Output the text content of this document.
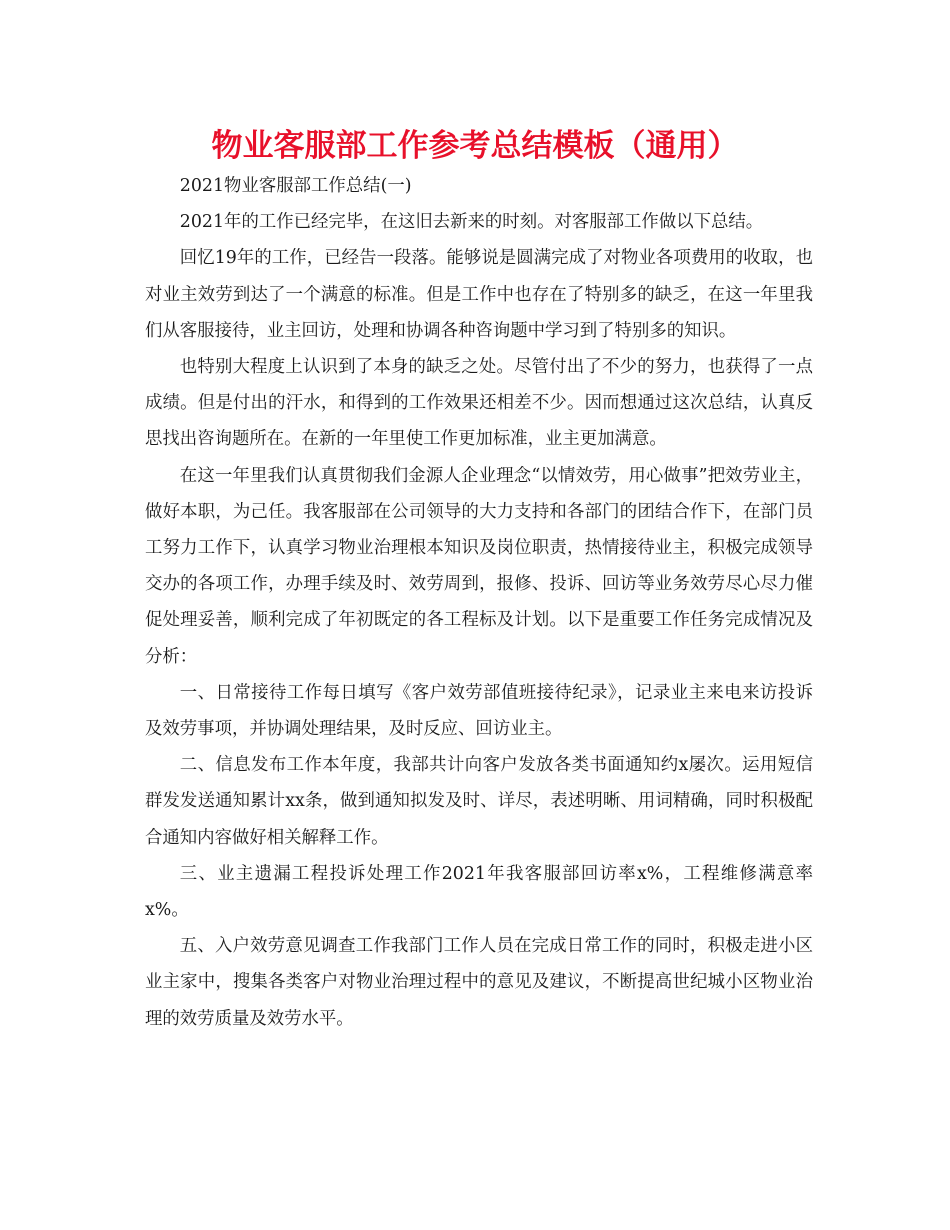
物业客服部工作参考总结模板（通用）

2021物业客服部工作总结(一)

2021年的工作已经完毕，在这旧去新来的时刻。对客服部工作做以下总结。

回忆19年的工作，已经告一段落。能够说是圆满完成了对物业各项费用的收取，也对业主效劳到达了一个满意的标准。但是工作中也存在了特别多的缺乏，在这一年里我们从客服接待，业主回访，处理和协调各种咨询题中学习到了特别多的知识。

也特别大程度上认识到了本身的缺乏之处。尽管付出了不少的努力，也获得了一点成绩。但是付出的汗水，和得到的工作效果还相差不少。因而想通过这次总结，认真反思找出咨询题所在。在新的一年里使工作更加标准，业主更加满意。

在这一年里我们认真贯彻我们金源人企业理念“以情效劳，用心做事”把效劳业主，做好本职，为己任。我客服部在公司领导的大力支持和各部门的团结合作下，在部门员工努力工作下，认真学习物业治理根本知识及岗位职责，热情接待业主，积极完成领导交办的各项工作，办理手续及时、效劳周到，报修、投诉、回访等业务效劳尽心尽力催促处理妥善，顺利完成了年初既定的各工程标及计划。以下是重要工作任务完成情况及分析：

一、日常接待工作每日填写《客户效劳部值班接待纪录》，记录业主来电来访投诉及效劳事项，并协调处理结果，及时反应、回访业主。

二、信息发布工作本年度，我部共计向客户发放各类书面通知约x屡次。运用短信群发发送通知累计xx条，做到通知拟发及时、详尽，表述明晰、用词精确，同时积极配合通知内容做好相关解释工作。

三、业主遗漏工程投诉处理工作2021年我客服部回访率x%，工程维修满意率x%。

五、入户效劳意见调查工作我部门工作人员在完成日常工作的同时，积极走进小区业主家中，搜集各类客户对物业治理过程中的意见及建议，不断提高世纪城小区物业治理的效劳质量及效劳水平。
